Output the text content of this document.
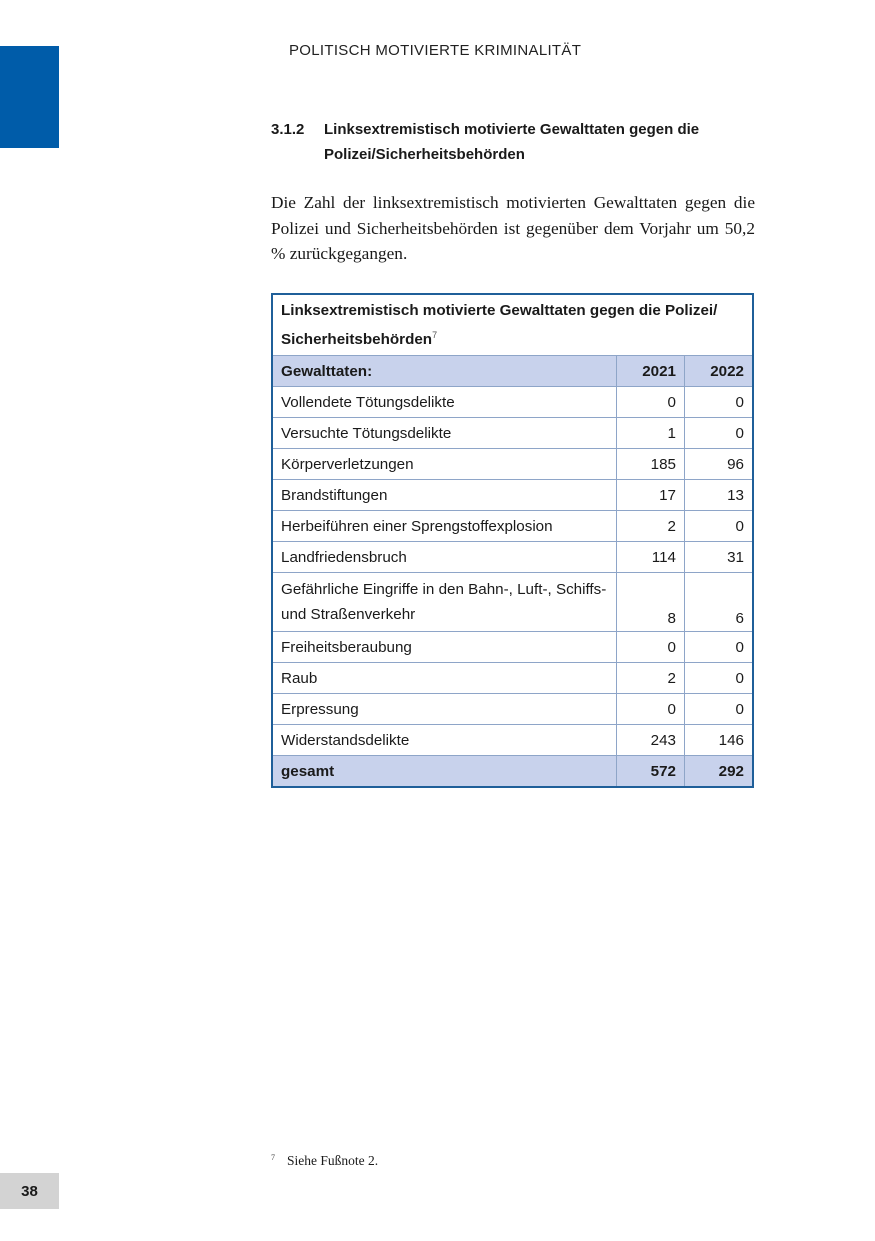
POLITISCH MOTIVIERTE KRIMINALITÄT
3.1.2	Linksextremistisch motivierte Gewalttaten gegen die Polizei/Sicherheitsbehörden

Die Zahl der linksextremistisch motivierten Gewalttaten gegen die Polizei und Sicherheitsbehörden ist gegenüber dem Vorjahr um 50,2 % zurückgegangen.

Linksextremistisch motivierte Gewalttaten gegen die Polizei/ Sicherheitsbehörden$^7$
Gewalttaten:	2021	2022
Vollendete Tötungsdelikte	0	0
Versuchte Tötungsdelikte	1	0
Körperverletzungen	185	96
Brandstiftungen	17	13
Herbeiführen einer Sprengstoffexplosion	2	0
Landfriedensbruch	114	31
Gefährliche Eingriffe in den Bahn-, Luft-, Schiffs- und Straßenverkehr	8	6
Freiheitsberaubung	0	0
Raub	2	0
Erpressung	0	0
Widerstandsdelikte	243	146
gesamt	572	292
$^7$ Siehe Fußnote 2.
38
